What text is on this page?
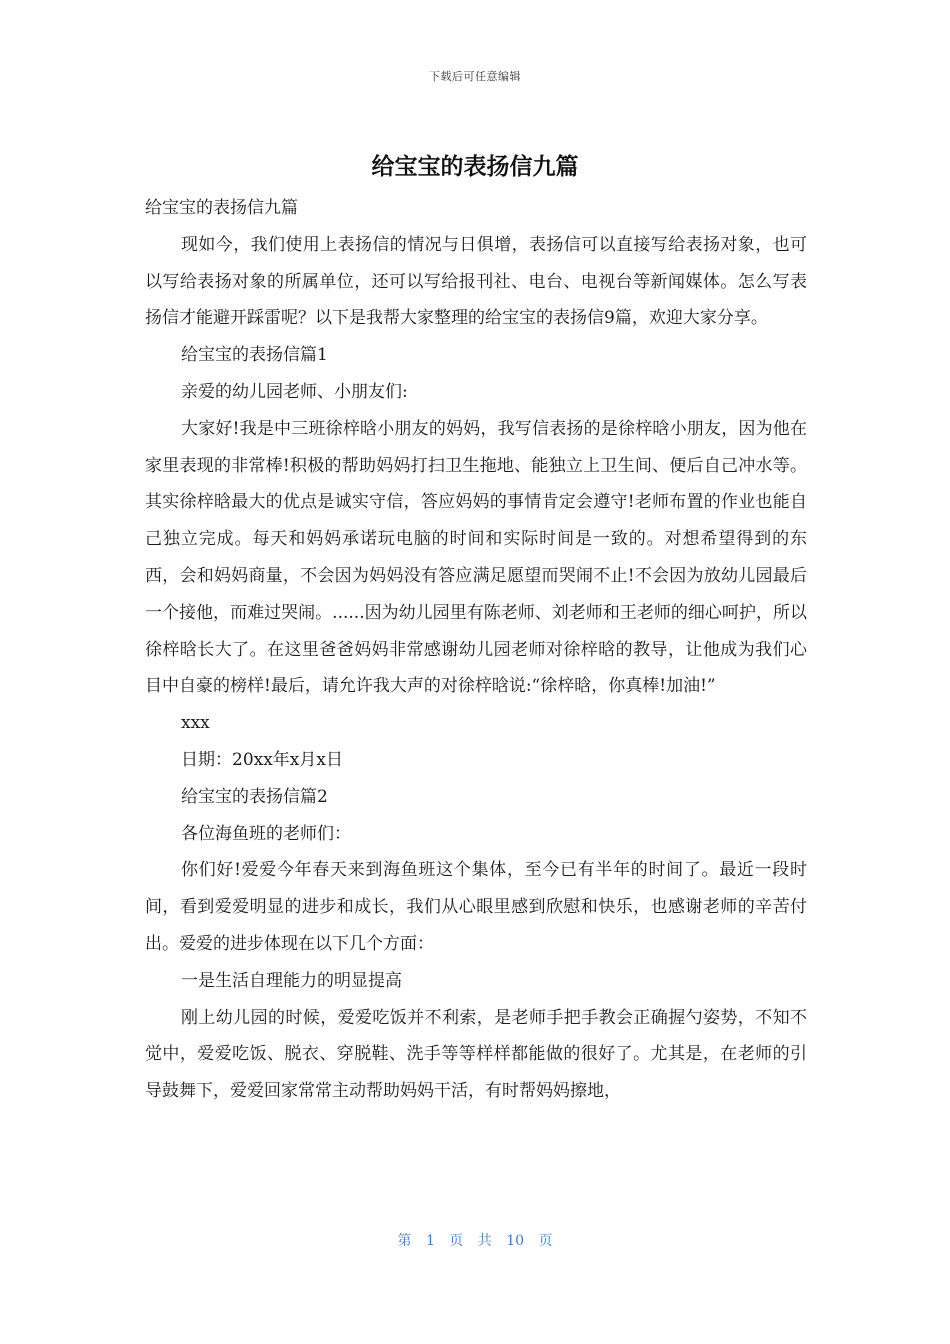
下载后可任意编辑
给宝宝的表扬信九篇

给宝宝的表扬信九篇

现如今，我们使用上表扬信的情况与日俱增，表扬信可以直接写给表扬对象，也可以写给表扬对象的所属单位，还可以写给报刊社、电台、电视台等新闻媒体。怎么写表扬信才能避开踩雷呢？以下是我帮大家整理的给宝宝的表扬信9篇，欢迎大家分享。

给宝宝的表扬信篇1

亲爱的幼儿园老师、小朋友们:

大家好!我是中三班徐梓晗小朋友的妈妈，我写信表扬的是徐梓晗小朋友，因为他在家里表现的非常棒!积极的帮助妈妈打扫卫生拖地、能独立上卫生间、便后自己冲水等。其实徐梓晗最大的优点是诚实守信，答应妈妈的事情肯定会遵守!老师布置的作业也能自己独立完成。每天和妈妈承诺玩电脑的时间和实际时间是一致的。对想希望得到的东西，会和妈妈商量，不会因为妈妈没有答应满足愿望而哭闹不止!不会因为放幼儿园最后一个接他，而难过哭闹。......因为幼儿园里有陈老师、刘老师和王老师的细心呵护，所以徐梓晗长大了。在这里爸爸妈妈非常感谢幼儿园老师对徐梓晗的教导，让他成为我们心目中自豪的榜样!最后，请允许我大声的对徐梓晗说:“徐梓晗，你真棒!加油!”

xxx

日期：20xx年x月x日

给宝宝的表扬信篇2

各位海鱼班的老师们：

你们好!爱爱今年春天来到海鱼班这个集体，至今已有半年的时间了。最近一段时间，看到爱爱明显的进步和成长，我们从心眼里感到欣慰和快乐，也感谢老师的辛苦付出。爱爱的进步体现在以下几个方面：

一是生活自理能力的明显提高

刚上幼儿园的时候，爱爱吃饭并不利索，是老师手把手教会正确握勺姿势，不知不觉中，爱爱吃饭、脱衣、穿脱鞋、洗手等等样样都能做的很好了。尤其是，在老师的引导鼓舞下，爱爱回家常常主动帮助妈妈干活，有时帮妈妈擦地，

第 1 页 共 10 页
